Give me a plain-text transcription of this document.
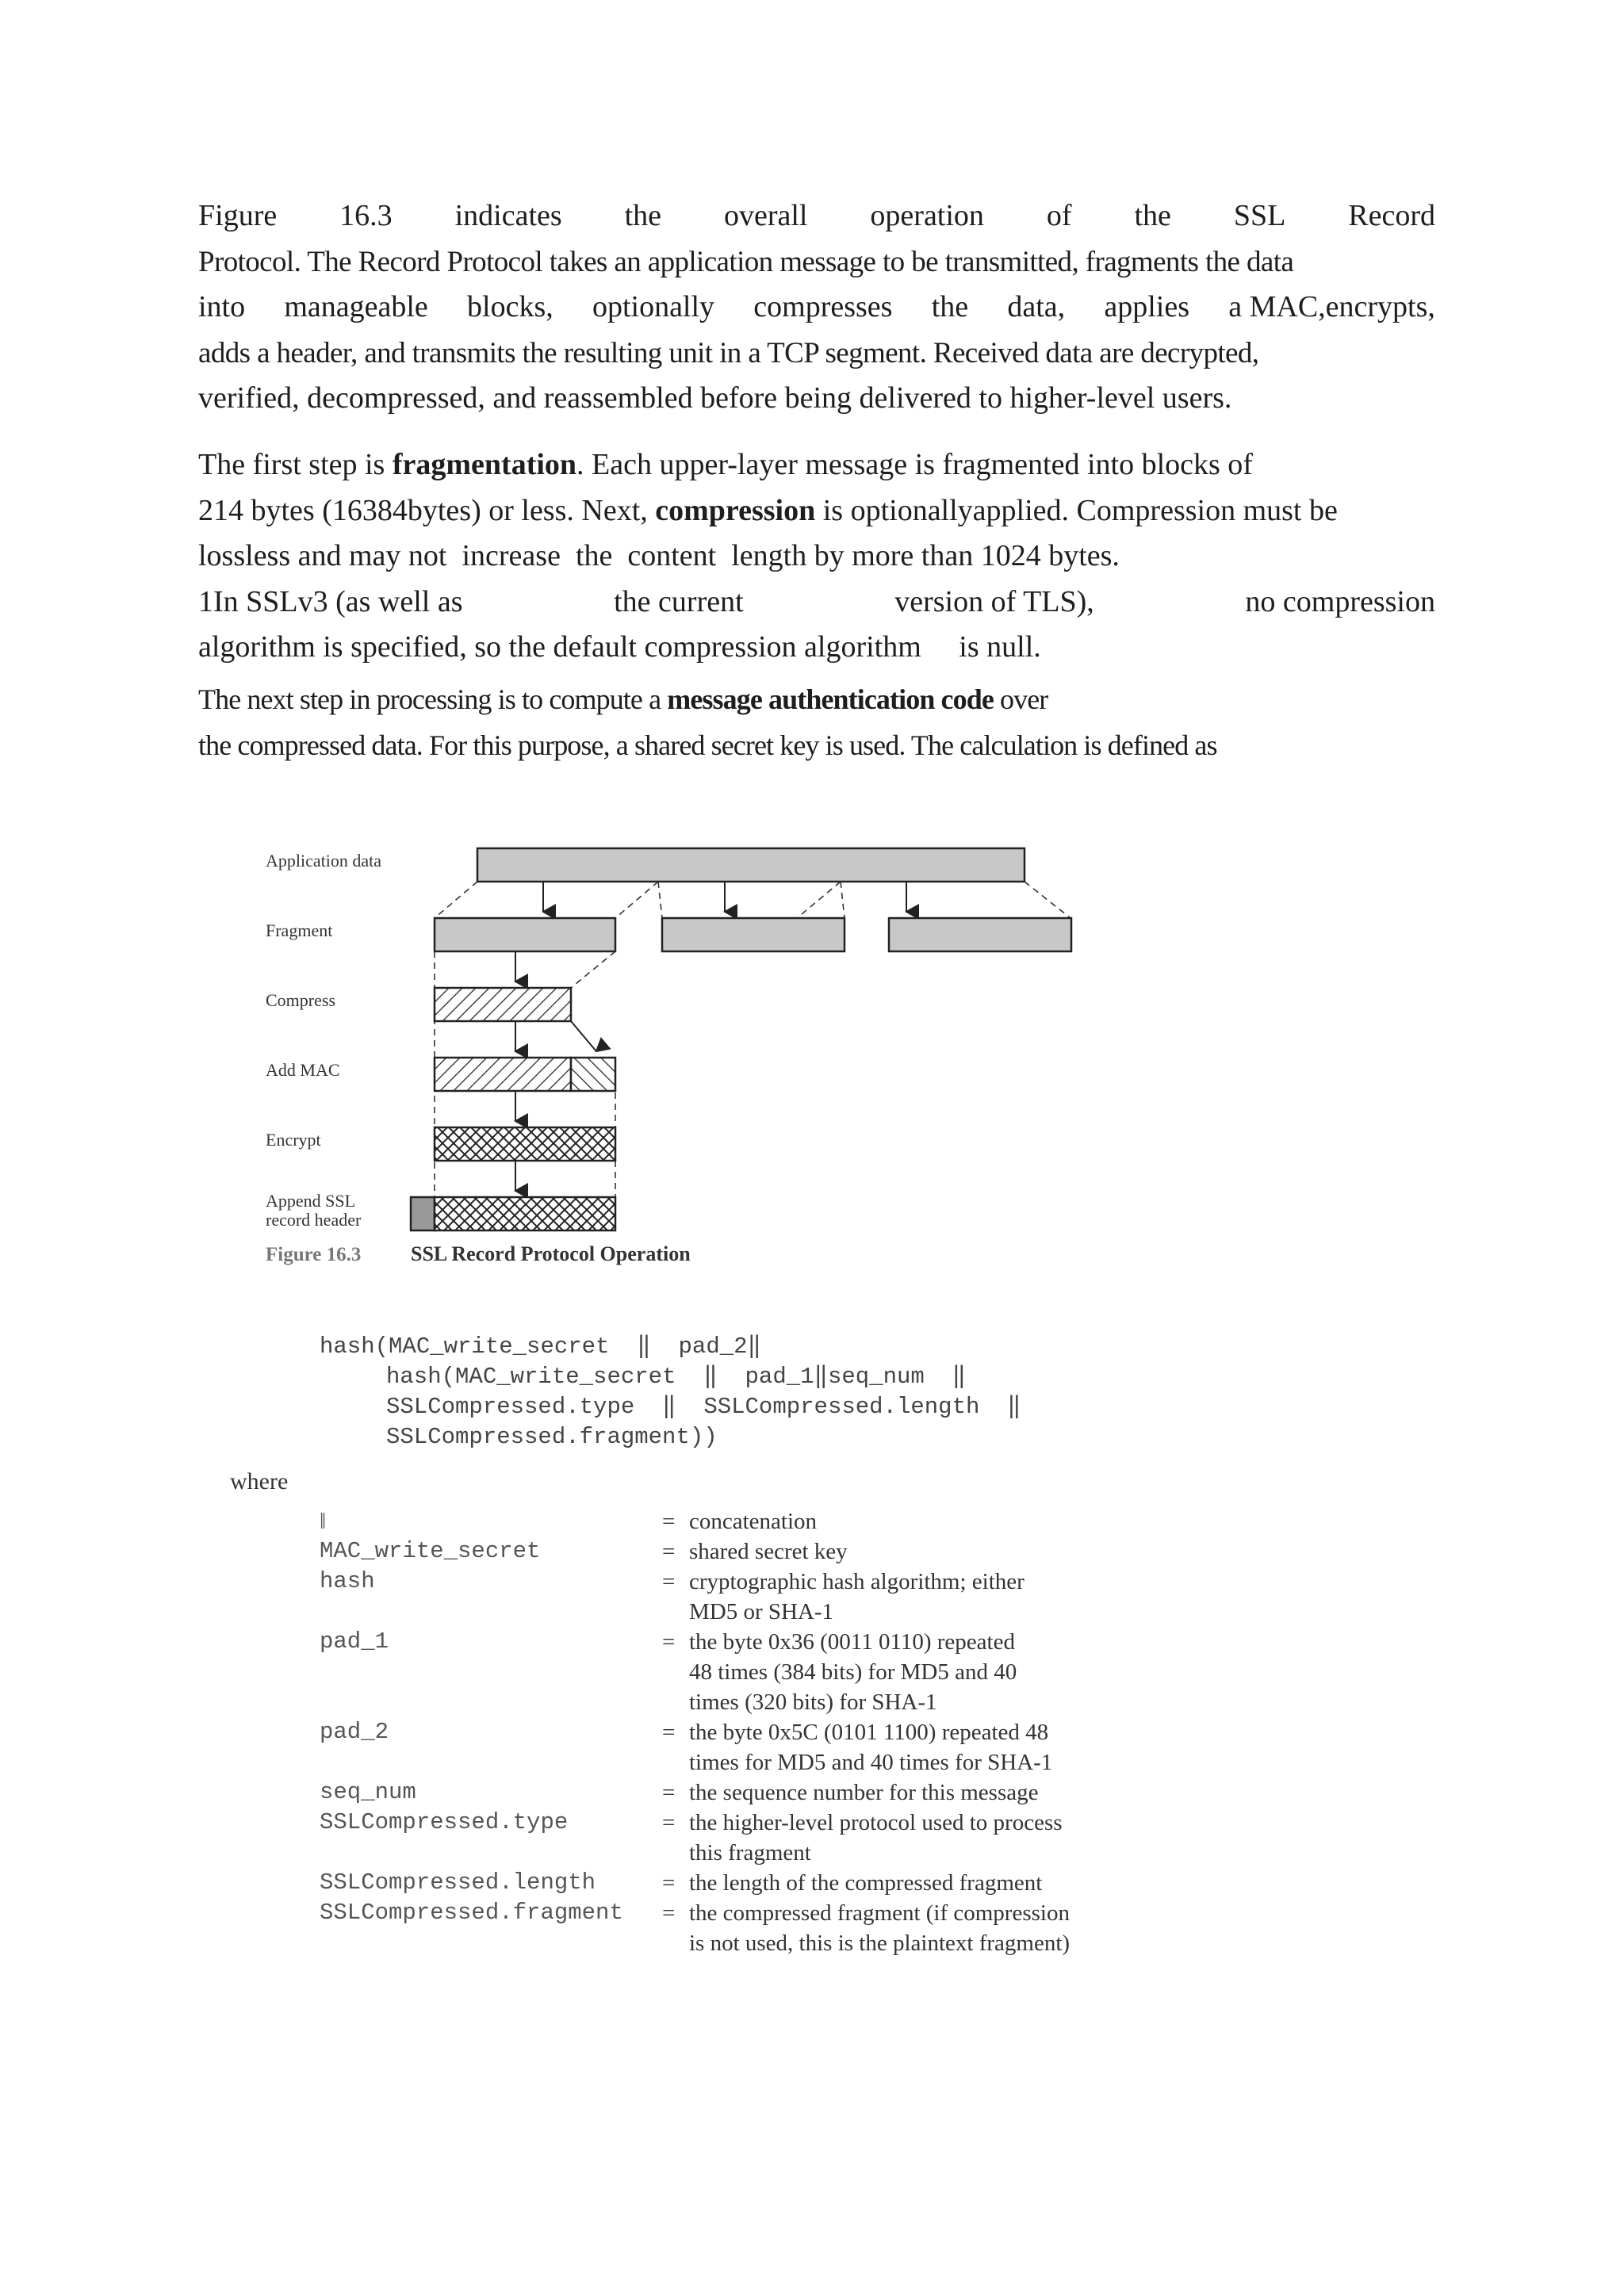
Figure 16.3 indicates the overall operation of the SSL Record
Protocol. The Record Protocol takes an application message to be transmitted, fragments the data
into manageable blocks, optionally compresses the data, applies a MAC,encrypts,
adds a header, and transmits the resulting unit in a TCP segment. Received data are decrypted,
verified, decompressed, and reassembled before being delivered to higher-level users.
The first step is fragmentation. Each upper-layer message is fragmented into blocks of
214 bytes (16384bytes) or less. Next, compression is optionallyapplied. Compression must be
lossless and may not  increase  the  content  length by more than 1024 bytes.
1In SSLv3 (as well as	the current	version of TLS),	no compression
algorithm is specified, so the default compression algorithm     is null.
The next step in processing is to compute a message authentication code over
the compressed data. For this purpose, a shared secret key is used. The calculation is defined as
Application data
Fragment
Compress
Add MAC
Encrypt
Append SSL
record header
Figure 16.3 SSL Record Protocol Operation
hash(MAC_write_secret  ‖  pad_2‖
hash(MAC_write_secret  ‖  pad_1‖seq_num  ‖
SSLCompressed.type  ‖  SSLCompressed.length  ‖
SSLCompressed.fragment))
where
‖	= concatenation
MAC_write_secret	= shared secret key
hash	= cryptographic hash algorithm; either
MD5 or SHA-1
pad_1	= the byte 0x36 (0011 0110) repeated
48 times (384 bits) for MD5 and 40
times (320 bits) for SHA-1
pad_2	= the byte 0x5C (0101 1100) repeated 48
times for MD5 and 40 times for SHA-1
seq_num	= the sequence number for this message
SSLCompressed.type	= the higher-level protocol used to process
this fragment
SSLCompressed.length	= the length of the compressed fragment
SSLCompressed.fragment	= the compressed fragment (if compression
is not used, this is the plaintext fragment)
